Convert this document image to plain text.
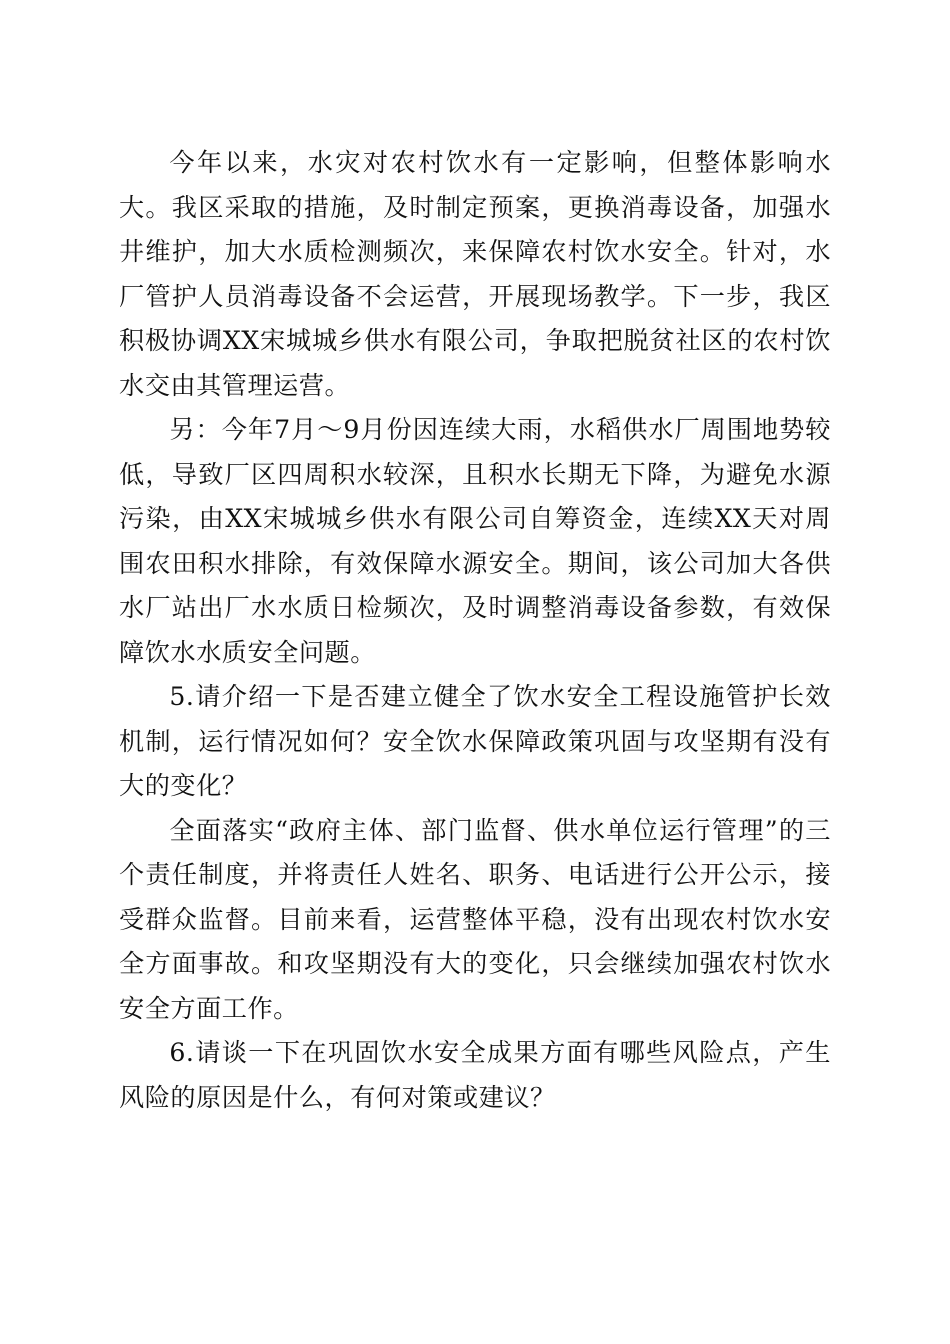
今年以来，水灾对农村饮水有一定影响，但整体影响水大。我区采取的措施，及时制定预案，更换消毒设备，加强水井维护，加大水质检测频次，来保障农村饮水安全。针对，水厂管护人员消毒设备不会运营，开展现场教学。下一步，我区积极协调XX宋城城乡供水有限公司，争取把脱贫社区的农村饮水交由其管理运营。

另：今年7月～9月份因连续大雨，水稻供水厂周围地势较低，导致厂区四周积水较深，且积水长期无下降，为避免水源污染，由XX宋城城乡供水有限公司自筹资金，连续XX天对周围农田积水排除，有效保障水源安全。期间，该公司加大各供水厂站出厂水水质日检频次，及时调整消毒设备参数，有效保障饮水水质安全问题。

5.请介绍一下是否建立健全了饮水安全工程设施管护长效机制，运行情况如何？安全饮水保障政策巩固与攻坚期有没有大的变化？

全面落实“政府主体、部门监督、供水单位运行管理”的三个责任制度，并将责任人姓名、职务、电话进行公开公示，接受群众监督。目前来看，运营整体平稳，没有出现农村饮水安全方面事故。和攻坚期没有大的变化，只会继续加强农村饮水安全方面工作。

6.请谈一下在巩固饮水安全成果方面有哪些风险点，产生风险的原因是什么，有何对策或建议？
